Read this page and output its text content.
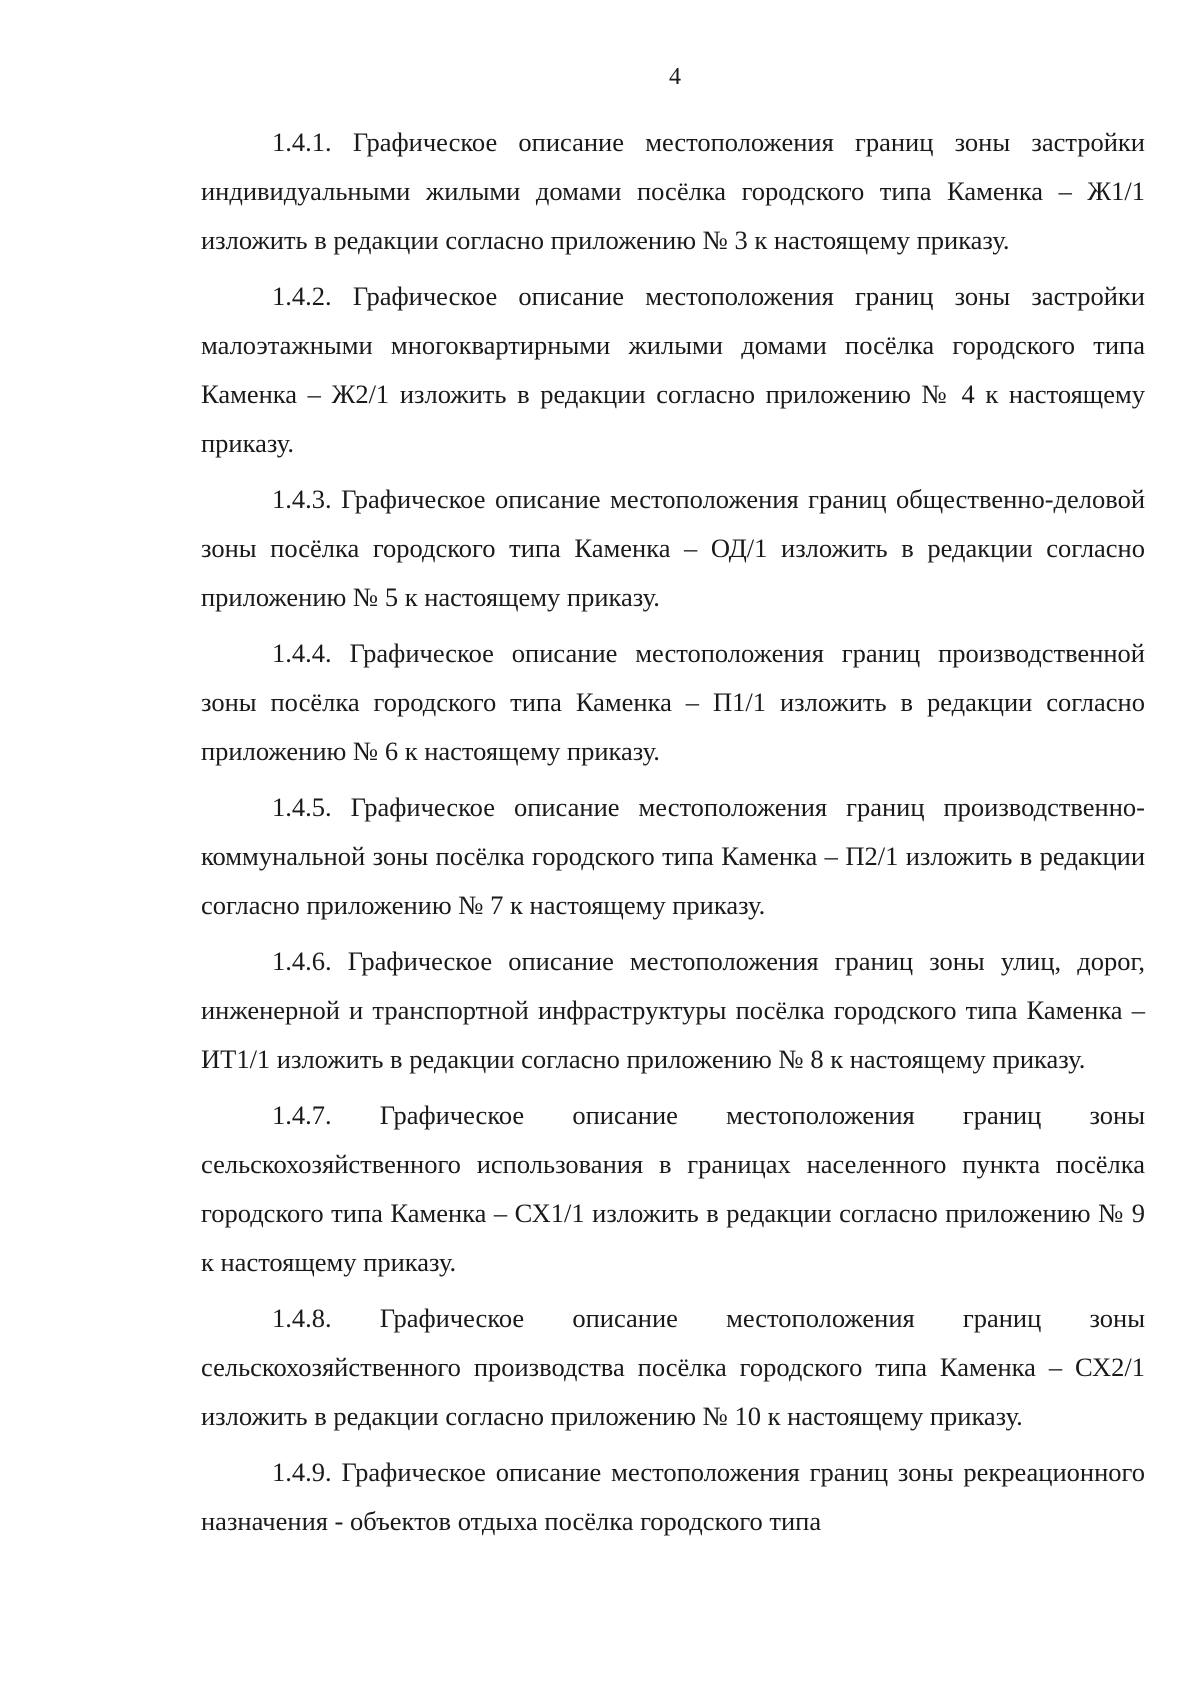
4

1.4.1. Графическое описание местоположения границ зоны застройки индивидуальными жилыми домами посёлка городского типа Каменка – Ж1/1 изложить в редакции согласно приложению № 3 к настоящему приказу.

1.4.2. Графическое описание местоположения границ зоны застройки малоэтажными многоквартирными жилыми домами посёлка городского типа Каменка – Ж2/1 изложить в редакции согласно приложению № 4 к настоящему приказу.

1.4.3. Графическое описание местоположения границ общественно-деловой зоны посёлка городского типа Каменка – ОД/1 изложить в редакции согласно приложению № 5 к настоящему приказу.

1.4.4. Графическое описание местоположения границ производственной зоны посёлка городского типа Каменка – П1/1 изложить в редакции согласно приложению № 6 к настоящему приказу.

1.4.5. Графическое описание местоположения границ производственно-коммунальной зоны посёлка городского типа Каменка – П2/1 изложить в редакции согласно приложению № 7 к настоящему приказу.

1.4.6. Графическое описание местоположения границ зоны улиц, дорог, инженерной и транспортной инфраструктуры посёлка городского типа Каменка – ИТ1/1 изложить в редакции согласно приложению № 8 к настоящему приказу.

1.4.7. Графическое описание местоположения границ зоны сельскохозяйственного использования в границах населенного пункта посёлка городского типа Каменка – СХ1/1 изложить в редакции согласно приложению № 9 к настоящему приказу.

1.4.8. Графическое описание местоположения границ зоны сельскохозяйственного производства посёлка городского типа Каменка – СХ2/1 изложить в редакции согласно приложению № 10 к настоящему приказу.

1.4.9. Графическое описание местоположения границ зоны рекреационного назначения - объектов отдыха посёлка городского типа
